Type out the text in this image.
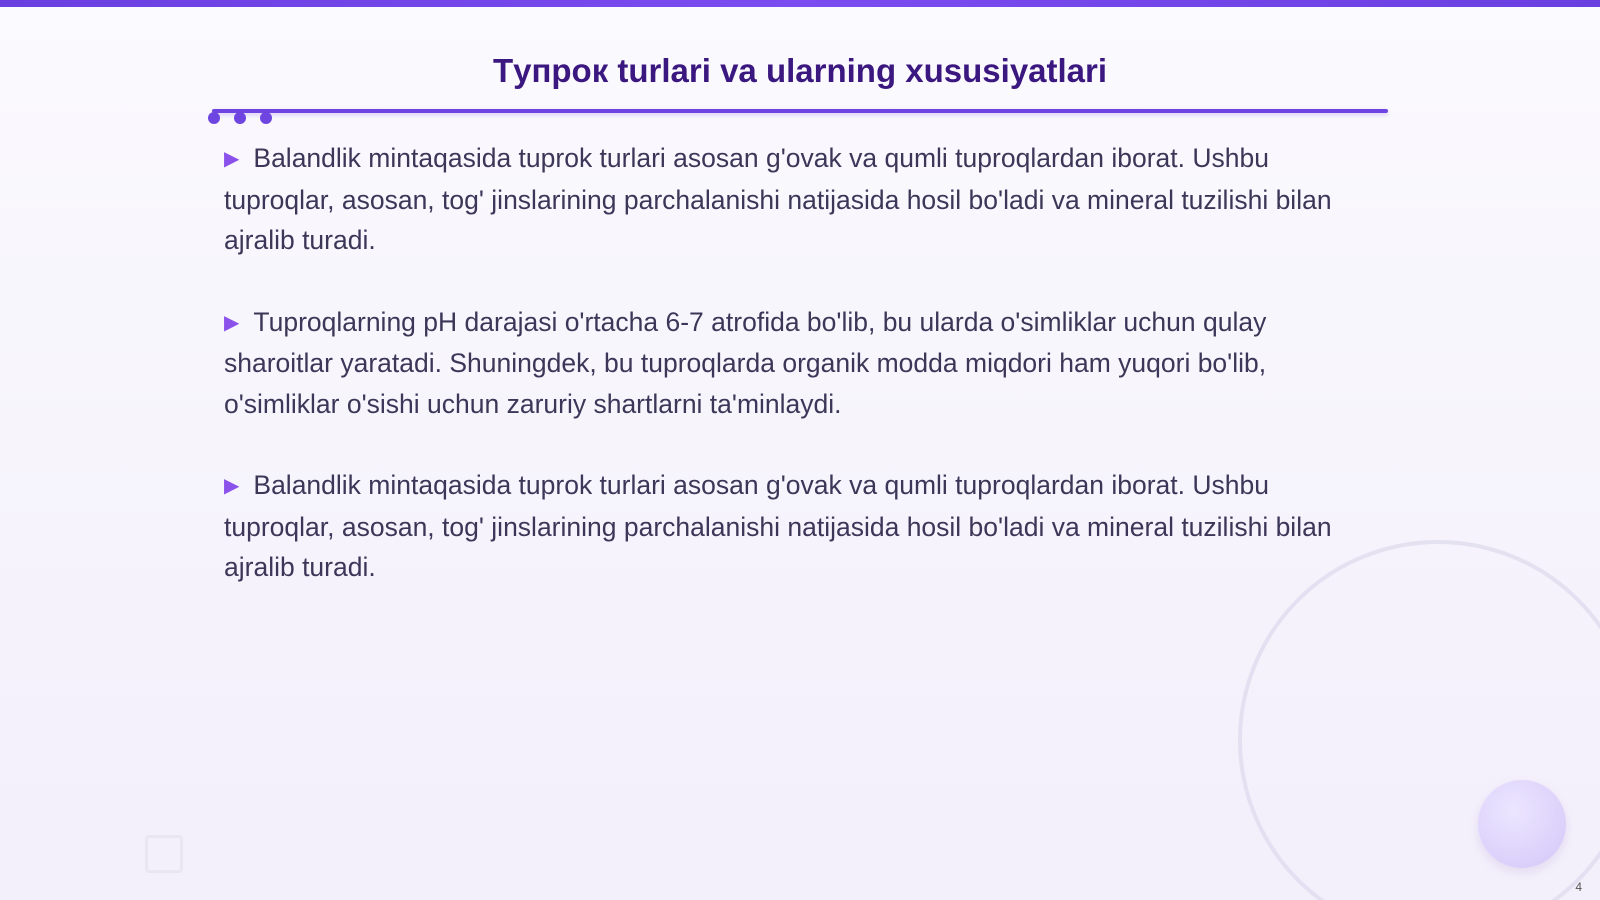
Tупрок turlari va ularning xususiyatlari

▶ Balandlik mintaqasida tuprok turlari asosan g'ovak va qumli tuproqlardan iborat. Ushbu tuproqlar, asosan, tog' jinslarining parchalanishi natijasida hosil bo'ladi va mineral tuzilishi bilan ajralib turadi.

▶ Tuproqlarning pH darajasi o'rtacha 6-7 atrofida bo'lib, bu ularda o'simliklar uchun qulay sharoitlar yaratadi. Shuningdek, bu tuproqlarda organik modda miqdori ham yuqori bo'lib, o'simliklar o'sishi uchun zaruriy shartlarni ta'minlaydi.

▶ Balandlik mintaqasida tuprok turlari asosan g'ovak va qumli tuproqlardan iborat. Ushbu tuproqlar, asosan, tog' jinslarining parchalanishi natijasida hosil bo'ladi va mineral tuzilishi bilan ajralib turadi.

4
